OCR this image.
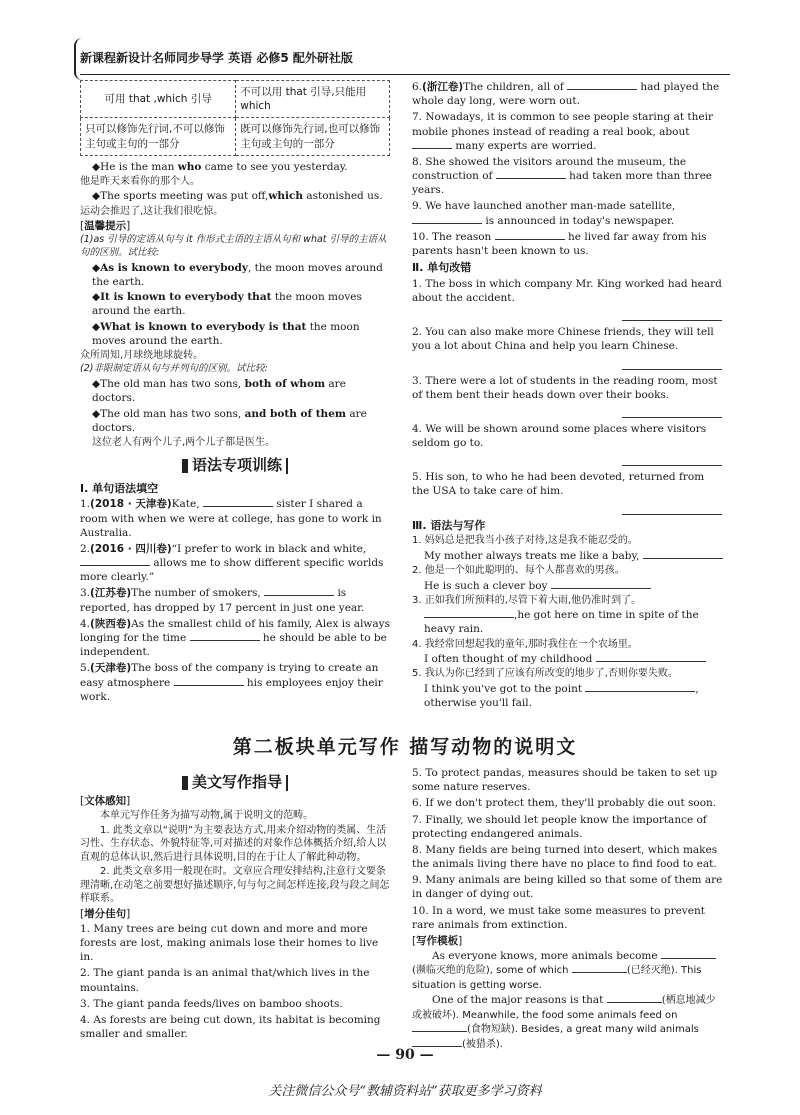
新课程新设计名师同步导学 英语 必修5 配外研社版
可用 that ,which 引导	不可以用 that 引导,只能用 which
只可以修饰先行词,不可以修饰主句或主句的一部分	既可以修饰先行词,也可以修饰主句或主句的一部分

◆He is the man who came to see you yesterday.

他是昨天来看你的那个人。

◆The sports meeting was put off,which astonished us.

运动会推迟了,这让我们很吃惊。

[ 温馨提示 ]

(1)as 引导的定语从句与 it 作形式主语的主语从句和 what 引导的主语从句的区别。试比较:

◆As is known to everybody, the moon moves around the earth.

◆It is known to everybody that the moon moves around the earth.

◆What is known to everybody is that the moon moves around the earth.

众所周知,月球绕地球旋转。

(2)非限制定语从句与并列句的区别。试比较:

◆The old man has two sons, both of whom are doctors.

◆The old man has two sons, and both of them are doctors.

这位老人有两个儿子,两个儿子都是医生。

语法专项训练

Ⅰ. 单句语法填空

1.(2018 · 天津卷)Kate,	sister I shared a room with when we were at college, has gone to work in Australia.

2.(2016 · 四川卷)“I prefer to work in black and white,  allows me to show different specific worlds more clearly.”

3.(江苏卷)The number of smokers,	is reported, has dropped by 17 percent in just one year.

4.(陕西卷)As the smallest child of his family, Alex is always longing for the time	he should be able to be independent.

5.(天津卷)The boss of the company is trying to create an easy atmosphere	his employees enjoy their work.

6.(浙江卷)The children, all of	had played the whole day long, were worn out.

7. Nowadays, it is common to see people staring at their mobile phones instead of reading a real book, about  many experts are worried.

8. She showed the visitors around the museum, the construction of	had taken more than three years.

9. We have launched another man-made satellite,  is announced in today's newspaper.

10. The reason	he lived far away from his parents hasn't been known to us.

Ⅱ. 单句改错

1. The boss in which company Mr. King worked had heard about the accident.

2. You can also make more Chinese friends, they will tell you a lot about China and help you learn Chinese.

3. There were a lot of students in the reading room, most of them bent their heads down over their books.

4. We will be shown around some places where visitors seldom go to.

5. His son, to who he had been devoted, returned from the USA to take care of him.

Ⅲ. 语法与写作

1. 妈妈总是把我当小孩子对待,这是我不能忍受的。

My mother always treats me like a baby,

2. 他是一个如此聪明的、每个人都喜欢的男孩。

He is such a clever boy

3. 正如我们所预料的,尽管下着大雨,他仍准时到了。

,he got here on time in spite of the heavy rain.

4. 我经常回想起我的童年,那时我住在一个农场里。

I often thought of my childhood

5. 我认为你已经到了应该有所改变的地步了,否则你要失败。

I think you've got to the point	, otherwise you'll fail.

第二板块单元写作 描写动物的说明文
美文写作指导

[ 文体感知 ]

本单元写作任务为描写动物,属于说明文的范畴。

1. 此类文章以“说明”为主要表达方式,用来介绍动物的类属、生活习性、生存状态、外貌特征等,可对描述的对象作总体概括介绍,给人以直观的总体认识,然后进行具体说明,目的在于让人了解此种动物。

2. 此类文章多用一般现在时。文章应合理安排结构,注意行文要条理清晰,在动笔之前要想好描述顺序,句与句之间怎样连接,段与段之间怎样联系。

[ 增分佳句 ]

1. Many trees are being cut down and more and more forests are lost, making animals lose their homes to live in.

2. The giant panda is an animal that/which lives in the mountains.

3. The giant panda feeds/lives on bamboo shoots.

4. As forests are being cut down, its habitat is becoming smaller and smaller.

5. To protect pandas, measures should be taken to set up some nature reserves.

6. If we don't protect them, they'll probably die out soon.

7. Finally, we should let people know the importance of protecting endangered animals.

8. Many fields are being turned into desert, which makes the animals living there have no place to find food to eat.

9. Many animals are being killed so that some of them are in danger of dying out.

10. In a word, we must take some measures to prevent rare animals from extinction.

[ 写作模板 ]

As everyone knows, more animals become (濒临灭绝的危险), some of which	(已经灭绝). This situation is getting worse.

One of the major reasons is that	(栖息地减少或被破坏). Meanwhile, the food some animals feed on (食物短缺). Besides, a great many wild animals (被猎杀).

— 90 —
关注微信公众号“教辅资料站”获取更多学习资料
